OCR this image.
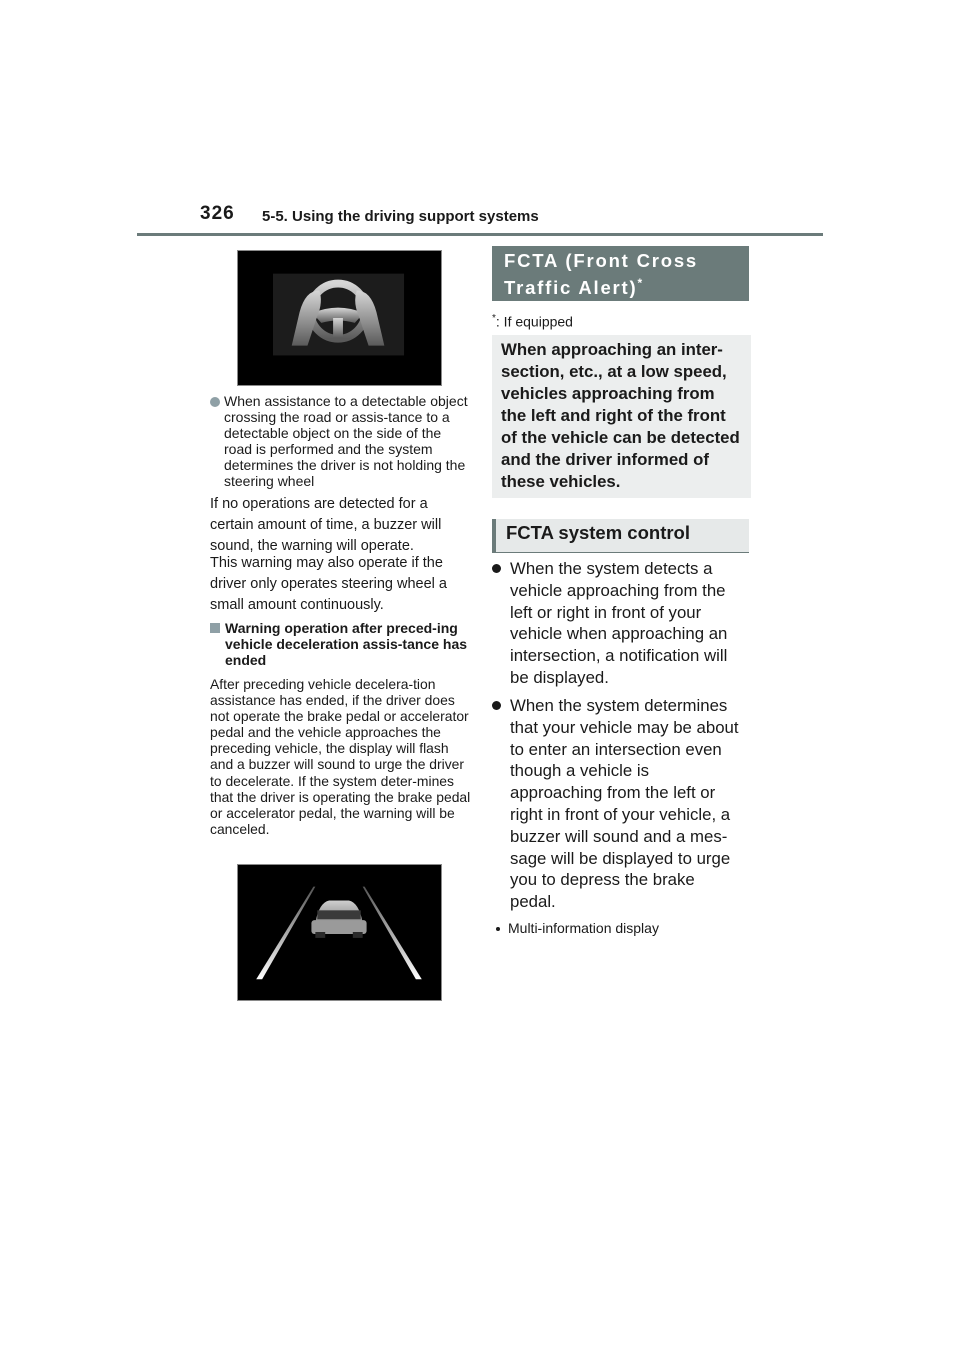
326 5-5. Using the driving support systems
When assistance to a detectable object crossing the road or assis-tance to a detectable object on the side of the road is performed and the system determines the driver is not holding the steering wheel
If no operations are detected for a certain amount of time, a buzzer will sound, the warning will operate.
This warning may also operate if the driver only operates steering wheel a small amount continuously.
Warning operation after preced-ing vehicle deceleration assis-tance has ended
After preceding vehicle decelera-tion assistance has ended, if the driver does not operate the brake pedal or accelerator pedal and the vehicle approaches the preceding vehicle, the display will flash and a buzzer will sound to urge the driver to decelerate. If the system deter-mines that the driver is operating the brake pedal or accelerator pedal, the warning will be canceled.
FCTA (Front Cross Traffic Alert)*
*: If equipped
When approaching an inter-section, etc., at a low speed, vehicles approaching from the left and right of the front of the vehicle can be detected and the driver informed of these vehicles.
FCTA system control
When the system detects a vehicle approaching from the left or right in front of your vehicle when approaching an intersection, a notification will be displayed.
When the system determines that your vehicle may be about to enter an intersection even though a vehicle is approaching from the left or right in front of your vehicle, a buzzer will sound and a mes-sage will be displayed to urge you to depress the brake pedal.
Multi-information display
